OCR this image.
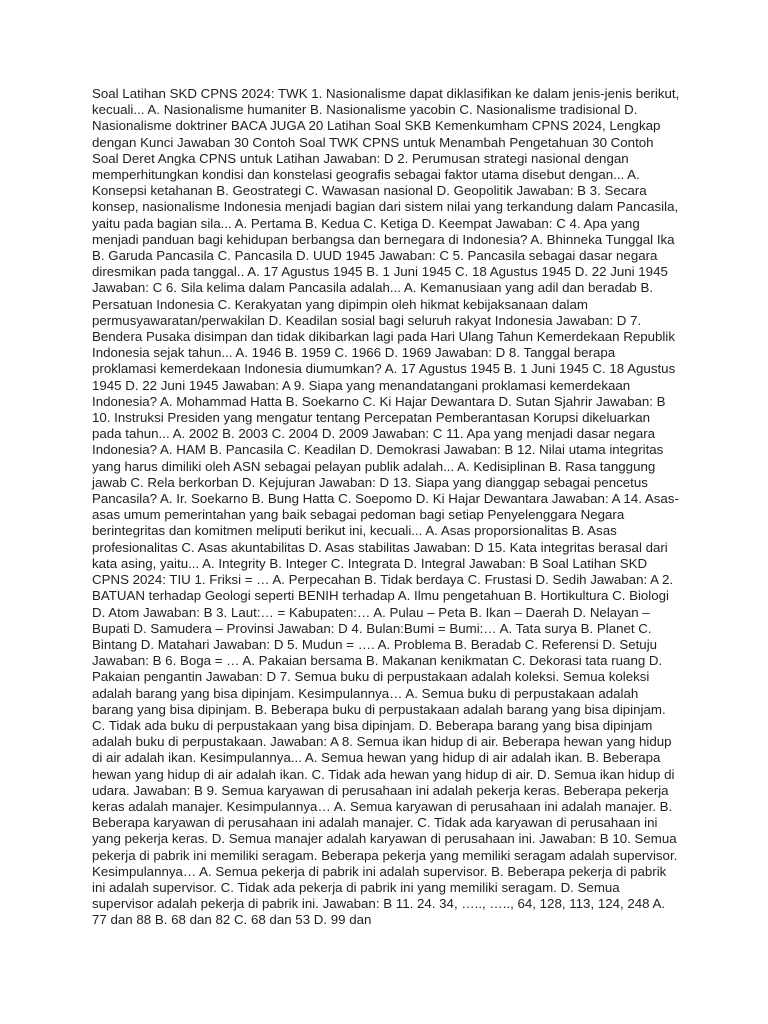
Soal Latihan SKD CPNS 2024: TWK 1. Nasionalisme dapat diklasifikan ke dalam jenis-jenis berikut, kecuali... A. Nasionalisme humaniter B. Nasionalisme yacobin C. Nasionalisme tradisional D. Nasionalisme doktriner BACA JUGA 20 Latihan Soal SKB Kemenkumham CPNS 2024, Lengkap dengan Kunci Jawaban 30 Contoh Soal TWK CPNS untuk Menambah Pengetahuan 30 Contoh Soal Deret Angka CPNS untuk Latihan Jawaban: D 2. Perumusan strategi nasional dengan memperhitungkan kondisi dan konstelasi geografis sebagai faktor utama disebut dengan... A. Konsepsi ketahanan B. Geostrategi C. Wawasan nasional D. Geopolitik Jawaban: B 3. Secara konsep, nasionalisme Indonesia menjadi bagian dari sistem nilai yang terkandung dalam Pancasila, yaitu pada bagian sila... A. Pertama B. Kedua C. Ketiga D. Keempat Jawaban: C 4. Apa yang menjadi panduan bagi kehidupan berbangsa dan bernegara di Indonesia? A. Bhinneka Tunggal Ika B. Garuda Pancasila C. Pancasila D. UUD 1945 Jawaban: C 5. Pancasila sebagai dasar negara diresmikan pada tanggal.. A. 17 Agustus 1945 B. 1 Juni 1945 C. 18 Agustus 1945 D. 22 Juni 1945 Jawaban: C 6. Sila kelima dalam Pancasila adalah... A. Kemanusiaan yang adil dan beradab B. Persatuan Indonesia C. Kerakyatan yang dipimpin oleh hikmat kebijaksanaan dalam permusyawaratan/perwakilan D. Keadilan sosial bagi seluruh rakyat Indonesia Jawaban: D 7. Bendera Pusaka disimpan dan tidak dikibarkan lagi pada Hari Ulang Tahun Kemerdekaan Republik Indonesia sejak tahun... A. 1946 B. 1959 C. 1966 D. 1969 Jawaban: D 8. Tanggal berapa proklamasi kemerdekaan Indonesia diumumkan? A. 17 Agustus 1945 B. 1 Juni 1945 C. 18 Agustus 1945 D. 22 Juni 1945 Jawaban: A 9. Siapa yang menandatangani proklamasi kemerdekaan Indonesia? A. Mohammad Hatta B. Soekarno C. Ki Hajar Dewantara D. Sutan Sjahrir Jawaban: B 10. Instruksi Presiden yang mengatur tentang Percepatan Pemberantasan Korupsi dikeluarkan pada tahun... A. 2002 B. 2003 C. 2004 D. 2009 Jawaban: C 11. Apa yang menjadi dasar negara Indonesia? A. HAM B. Pancasila C. Keadilan D. Demokrasi Jawaban: B 12. Nilai utama integritas yang harus dimiliki oleh ASN sebagai pelayan publik adalah... A. Kedisiplinan B. Rasa tanggung jawab C. Rela berkorban D. Kejujuran Jawaban: D 13. Siapa yang dianggap sebagai pencetus Pancasila? A. Ir. Soekarno B. Bung Hatta C. Soepomo D. Ki Hajar Dewantara Jawaban: A 14. Asas-asas umum pemerintahan yang baik sebagai pedoman bagi setiap Penyelenggara Negara berintegritas dan komitmen meliputi berikut ini, kecuali... A. Asas proporsionalitas B. Asas profesionalitas C. Asas akuntabilitas D. Asas stabilitas Jawaban: D 15. Kata integritas berasal dari kata asing, yaitu... A. Integrity B. Integer C. Integrata D. Integral Jawaban: B Soal Latihan SKD CPNS 2024: TIU 1. Friksi = … A. Perpecahan B. Tidak berdaya C. Frustasi D. Sedih Jawaban: A 2. BATUAN terhadap Geologi seperti BENIH terhadap A. Ilmu pengetahuan B. Hortikultura C. Biologi D. Atom Jawaban: B 3. Laut:… = Kabupaten:… A. Pulau – Peta B. Ikan – Daerah D. Nelayan – Bupati D. Samudera – Provinsi Jawaban: D 4. Bulan:Bumi = Bumi:… A. Tata surya B. Planet C. Bintang D. Matahari Jawaban: D 5. Mudun = …. A. Problema B. Beradab C. Referensi D. Setuju Jawaban: B 6. Boga = … A. Pakaian bersama B. Makanan kenikmatan C. Dekorasi tata ruang D. Pakaian pengantin Jawaban: D 7. Semua buku di perpustakaan adalah koleksi. Semua koleksi adalah barang yang bisa dipinjam. Kesimpulannya… A. Semua buku di perpustakaan adalah barang yang bisa dipinjam. B. Beberapa buku di perpustakaan adalah barang yang bisa dipinjam. C. Tidak ada buku di perpustakaan yang bisa dipinjam. D. Beberapa barang yang bisa dipinjam adalah buku di perpustakaan. Jawaban: A 8. Semua ikan hidup di air. Beberapa hewan yang hidup di air adalah ikan. Kesimpulannya... A. Semua hewan yang hidup di air adalah ikan. B. Beberapa hewan yang hidup di air adalah ikan. C. Tidak ada hewan yang hidup di air. D. Semua ikan hidup di udara. Jawaban: B 9. Semua karyawan di perusahaan ini adalah pekerja keras. Beberapa pekerja keras adalah manajer. Kesimpulannya… A. Semua karyawan di perusahaan ini adalah manajer. B. Beberapa karyawan di perusahaan ini adalah manajer. C. Tidak ada karyawan di perusahaan ini yang pekerja keras. D. Semua manajer adalah karyawan di perusahaan ini. Jawaban: B 10. Semua pekerja di pabrik ini memiliki seragam. Beberapa pekerja yang memiliki seragam adalah supervisor. Kesimpulannya… A. Semua pekerja di pabrik ini adalah supervisor. B. Beberapa pekerja di pabrik ini adalah supervisor. C. Tidak ada pekerja di pabrik ini yang memiliki seragam. D. Semua supervisor adalah pekerja di pabrik ini. Jawaban: B 11. 24. 34, ….., ….., 64, 128, 113, 124, 248 A. 77 dan 88 B. 68 dan 82 C. 68 dan 53 D. 99 dan
